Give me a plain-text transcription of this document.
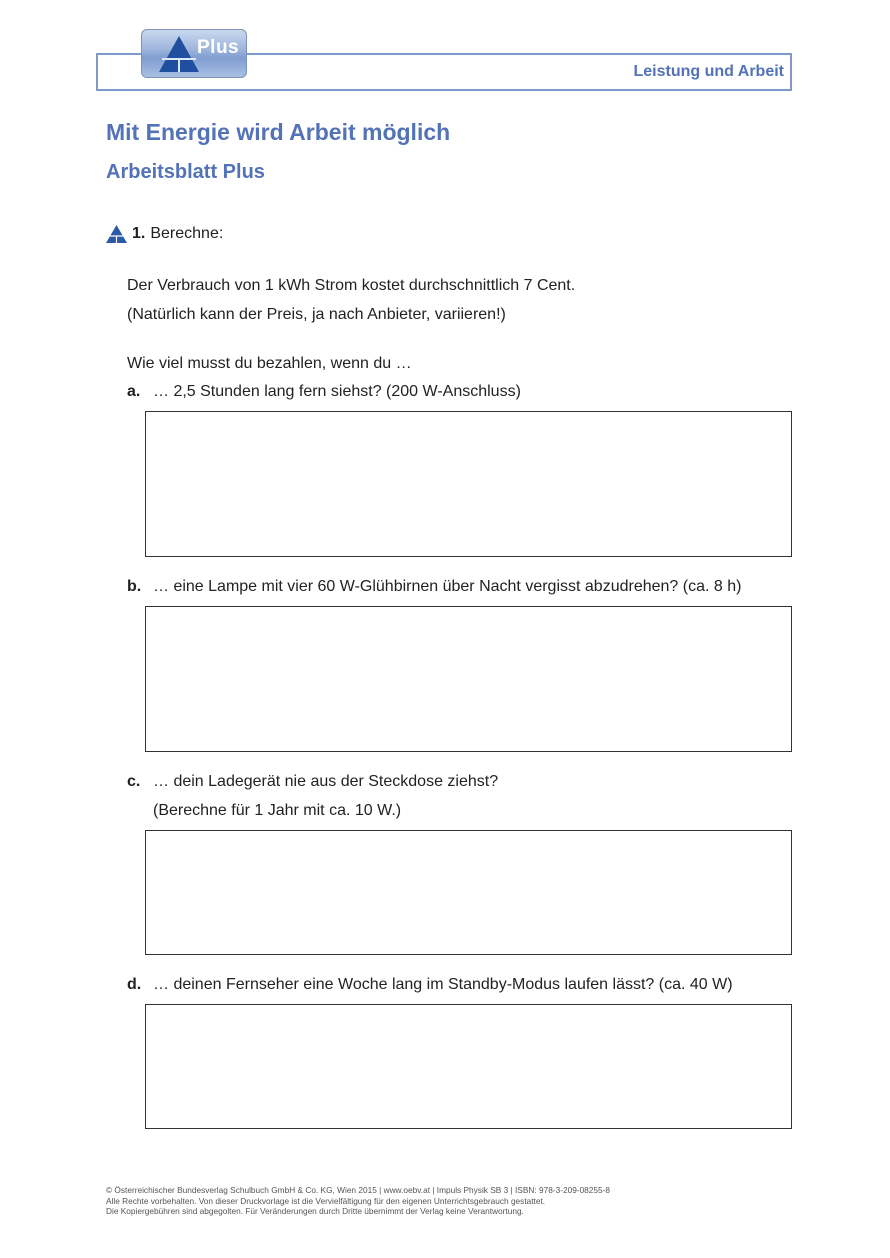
Plus
Leistung und Arbeit
Mit Energie wird Arbeit möglich
Arbeitsblatt Plus
1. Berechne:
Der Verbrauch von 1 kWh Strom kostet durchschnittlich 7 Cent.
(Natürlich kann der Preis, ja nach Anbieter, variieren!)
Wie viel musst du bezahlen, wenn du …
a. … 2,5 Stunden lang fern siehst? (200 W-Anschluss)
b. … eine Lampe mit vier 60 W-Glühbirnen über Nacht vergisst abzudrehen? (ca. 8 h)
c. … dein Ladegerät nie aus der Steckdose ziehst?
(Berechne für 1 Jahr mit ca. 10 W.)
d. … deinen Fernseher eine Woche lang im Standby-Modus laufen lässt? (ca. 40 W)
© Österreichischer Bundesverlag Schulbuch GmbH & Co. KG, Wien 2015 | www.oebv.at | Impuls Physik SB 3 | ISBN: 978-3-209-08255-8
Alle Rechte vorbehalten. Von dieser Druckvorlage ist die Vervielfältigung für den eigenen Unterrichtsgebrauch gestattet.
Die Kopiergebühren sind abgegolten. Für Veränderungen durch Dritte übernimmt der Verlag keine Verantwortung.
